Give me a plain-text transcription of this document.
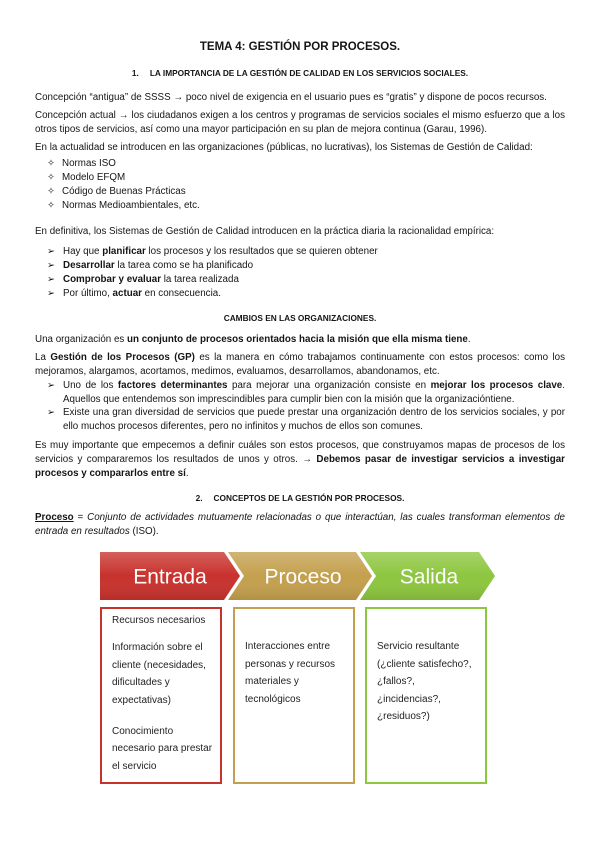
TEMA 4: GESTIÓN POR PROCESOS.

1. LA IMPORTANCIA DE LA GESTIÓN DE CALIDAD EN LOS SERVICIOS SOCIALES.

Concepción “antigua” de SSSS → poco nivel de exigencia en el usuario pues es “gratis” y dispone de pocos recursos.

Concepción actual → los ciudadanos exigen a los centros y programas de servicios sociales el mismo esfuerzo que a los otros tipos de servicios, así como una mayor participación en su plan de mejora continua (Garau, 1996).

En la actualidad se introducen en las organizaciones (públicas, no lucrativas), los Sistemas de Gestión de Calidad:

✧
Normas ISO
✧
Modelo EFQM
✧
Código de Buenas Prácticas
✧
Normas Medioambientales, etc.

En definitiva, los Sistemas de Gestión de Calidad introducen en la práctica diaria la racionalidad empírica:

➢
Hay que planificar los procesos y los resultados que se quieren obtener
➢
Desarrollar la tarea como se ha planificado
➢
Comprobar y evaluar la tarea realizada
➢
Por último, actuar en consecuencia.

CAMBIOS EN LAS ORGANIZACIONES.

Una organización es un conjunto de procesos orientados hacia la misión que ella misma tiene.

La Gestión de los Procesos (GP) es la manera en cómo trabajamos continuamente con estos procesos: como los mejoramos, alargamos, acortamos, medimos, evaluamos, desarrollamos, abandonamos, etc.

➢
Uno de los factores determinantes para mejorar una organización consiste en mejorar los procesos clave. Aquellos que entendemos son imprescindibles para cumplir bien con la misión que la organizacióntiene.
➢
Existe una gran diversidad de servicios que puede prestar una organización dentro de los servicios sociales, y por ello muchos procesos diferentes, pero no infinitos y muchos de ellos son comunes.

Es muy importante que empecemos a definir cuáles son estos procesos, que construyamos mapas de procesos de los servicios y compararemos los resultados de unos y otros. → Debemos pasar de investigar servicios a investigar procesos y compararlos entre sí.

2. CONCEPTOS DE LA GESTIÓN POR PROCESOS.

Proceso = Conjunto de actividades mutuamente relacionadas o que interactúan, las cuales transforman elementos de entrada en resultados (ISO).

Entrada	Proceso	Salida
Recursos necesarios
Información sobre el cliente (necesidades, dificultades y expectativas)
Conocimiento necesario para prestar el servicio
Interacciones entre personas y recursos materiales y tecnológicos
Servicio resultante (¿cliente satisfecho?, ¿fallos?, ¿incidencias?, ¿residuos?)
